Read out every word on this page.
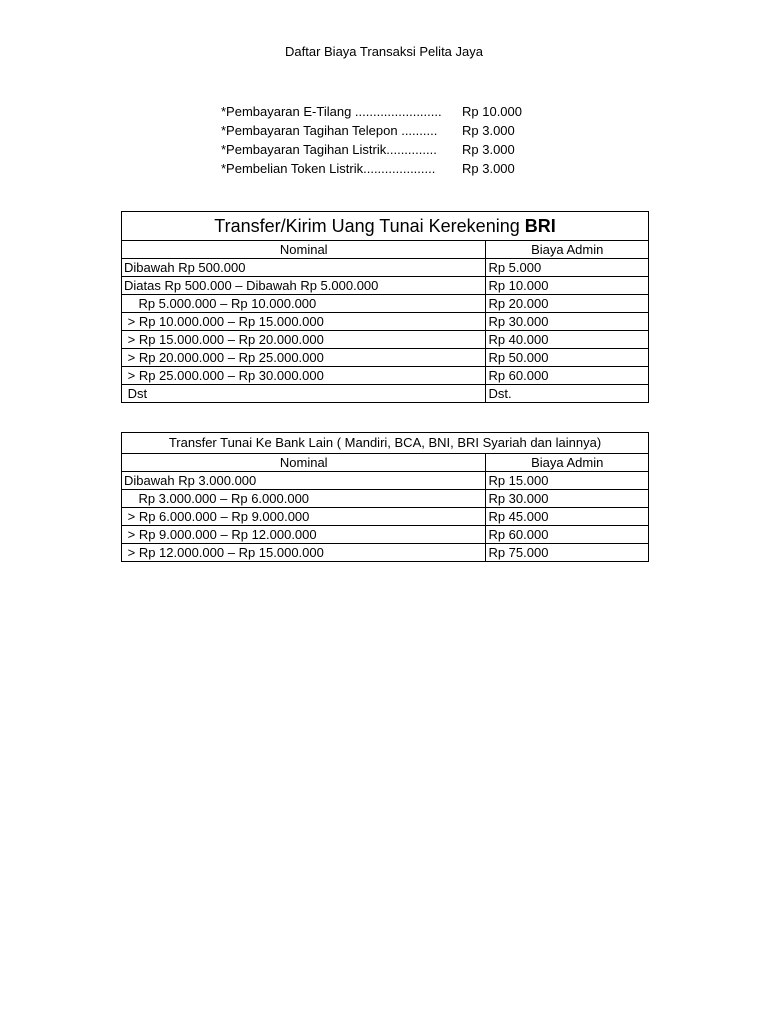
Daftar Biaya Transaksi Pelita Jaya
*Pembayaran E-Tilang ........................	Rp 10.000
*Pembayaran Tagihan Telepon ..........	Rp 3.000
*Pembayaran Tagihan Listrik..............	Rp 3.000
*Pembelian Token Listrik....................	Rp 3.000
Transfer/Kirim Uang Tunai Kerekening BRI	
Nominal	Biaya Admin
Dibawah Rp 500.000	Rp 5.000
Diatas Rp 500.000 – Dibawah Rp 5.000.000	Rp 10.000
Rp 5.000.000 – Rp 10.000.000	Rp 20.000
> Rp 10.000.000 – Rp 15.000.000	Rp 30.000
> Rp 15.000.000 – Rp 20.000.000	Rp 40.000
> Rp 20.000.000 – Rp 25.000.000	Rp 50.000
> Rp 25.000.000 – Rp 30.000.000	Rp 60.000
Dst	Dst.
Transfer Tunai Ke Bank Lain ( Mandiri, BCA, BNI, BRI Syariah dan lainnya)	
Nominal	Biaya Admin
Dibawah Rp 3.000.000	Rp 15.000
Rp 3.000.000 – Rp 6.000.000	Rp 30.000
> Rp 6.000.000 – Rp 9.000.000	Rp 45.000
> Rp 9.000.000 – Rp 12.000.000	Rp 60.000
> Rp 12.000.000 – Rp 15.000.000	Rp 75.000
